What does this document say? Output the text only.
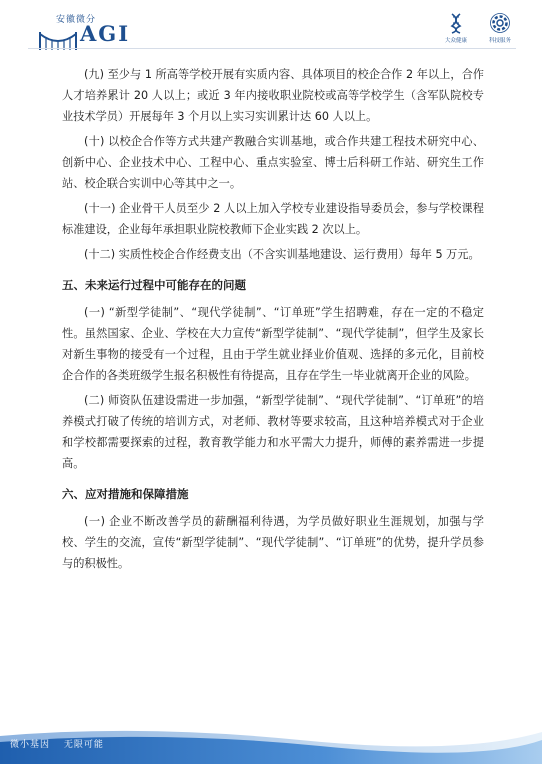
安徽微分
AGI	大众健康	科技服务

(九) 至少与 1 所高等学校开展有实质内容、具体项目的校企合作 2 年以上，合作人才培养累计 20 人以上；或近 3 年内接收职业院校或高等学校学生（含军队院校专业技术学员）开展每年 3 个月以上实习实训累计达 60 人以上。

(十) 以校企合作等方式共建产教融合实训基地，或合作共建工程技术研究中心、创新中心、企业技术中心、工程中心、重点实验室、博士后科研工作站、研究生工作站、校企联合实训中心等其中之一。

(十一) 企业骨干人员至少 2 人以上加入学校专业建设指导委员会，参与学校课程标准建设，企业每年承担职业院校教师下企业实践 2 次以上。

(十二) 实质性校企合作经费支出（不含实训基地建设、运行费用）每年 5 万元。

五、未来运行过程中可能存在的问题

(一) “新型学徒制”、“现代学徒制”、“订单班”学生招聘难，存在一定的不稳定性。虽然国家、企业、学校在大力宣传“新型学徒制”、“现代学徒制”，但学生及家长对新生事物的接受有一个过程，且由于学生就业择业价值观、选择的多元化，目前校企合作的各类班级学生报名积极性有待提高，且存在学生一毕业就离开企业的风险。

(二) 师资队伍建设需进一步加强，“新型学徒制”、“现代学徒制”、“订单班”的培养模式打破了传统的培训方式，对老师、教材等要求较高，且这种培养模式对于企业和学校都需要探索的过程，教育教学能力和水平需大力提升，师傅的素养需进一步提高。

六、应对措施和保障措施

(一) 企业不断改善学员的薪酬福利待遇，为学员做好职业生涯规划，加强与学校、学生的交流，宣传“新型学徒制”、“现代学徒制”、“订单班”的优势，提升学员参与的积极性。

微小基因 无限可能
